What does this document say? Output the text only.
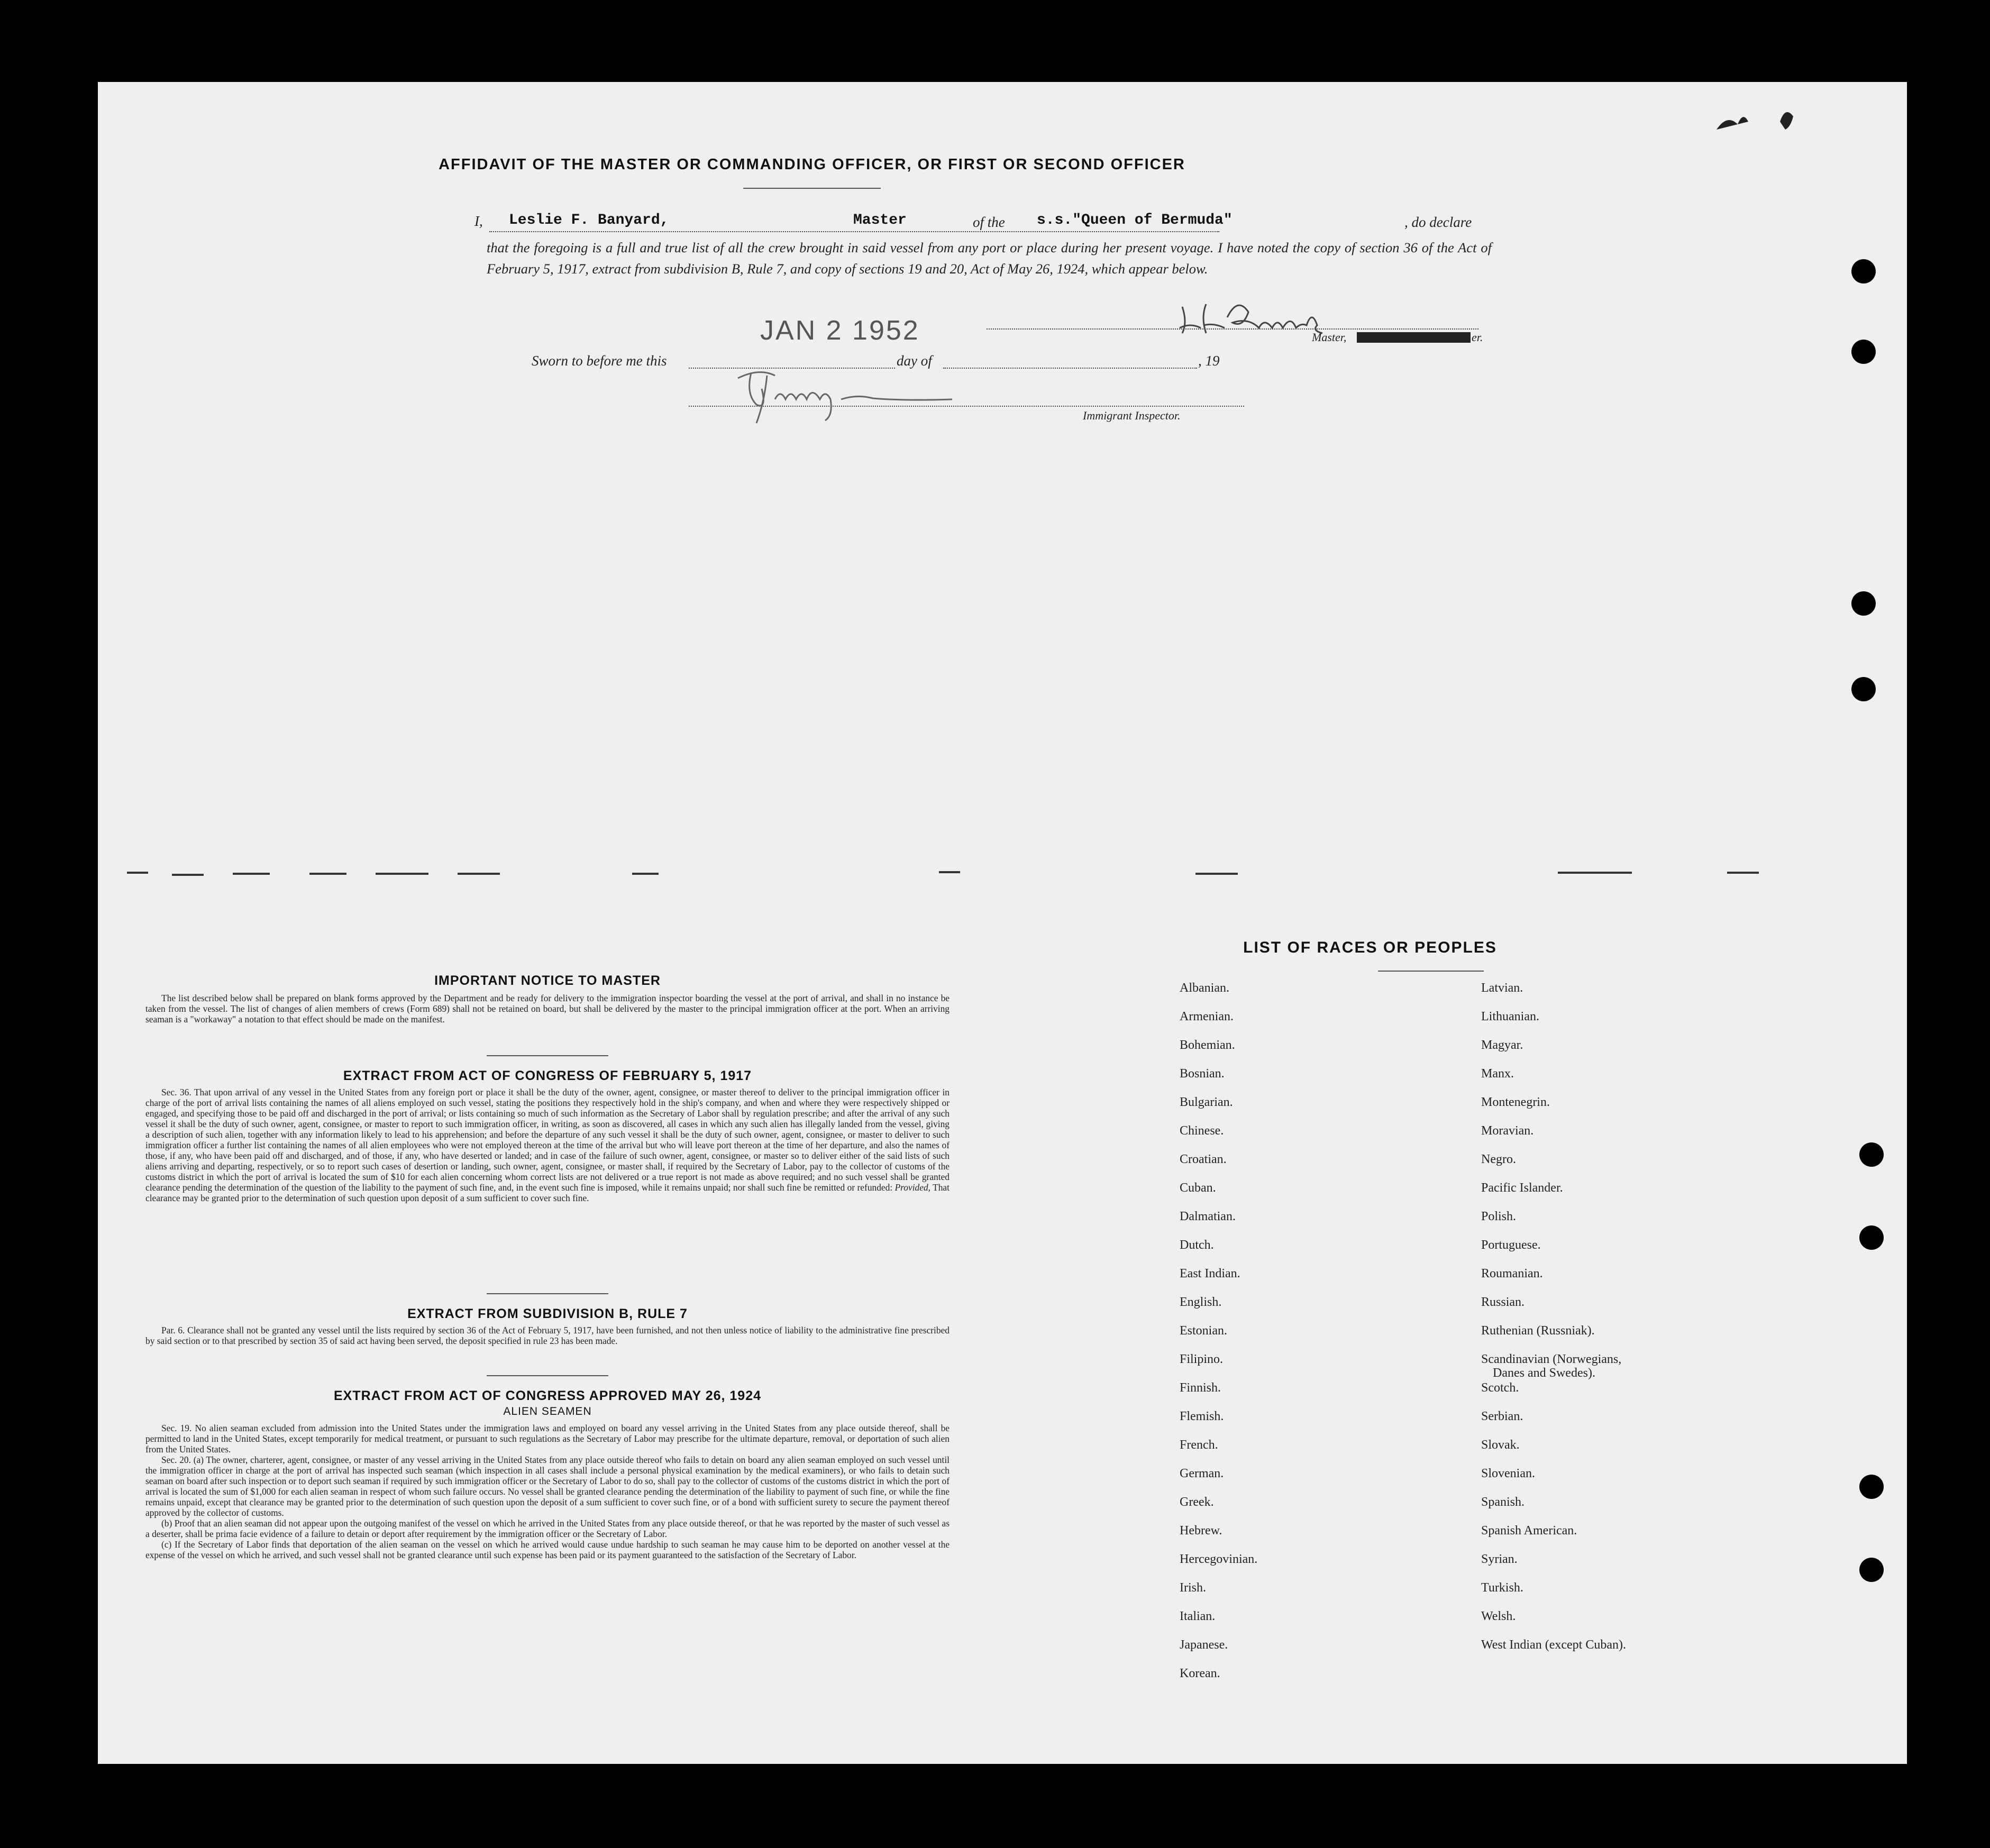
AFFIDAVIT OF THE MASTER OR COMMANDING OFFICER, OR FIRST OR SECOND OFFICER
I, Leslie F. Banyard,	Master	of the s.s."Queen of Bermuda"	, do declare
that the foregoing is a full and true list of all the crew brought in said vessel from any port or place during her present voyage. I have noted the copy of section 36 of the Act of February 5, 1917, extract from subdivision B, Rule 7, and copy of sections 19 and 20, Act of May 26, 1924, which appear below.
JAN 2 1952	Master,	er.
Sworn to before me this	day of	, 19
Immigrant Inspector.
IMPORTANT NOTICE TO MASTER
The list described below shall be prepared on blank forms approved by the Department and be ready for delivery to the immigration inspector boarding the vessel at the port of arrival, and shall in no instance be taken from the vessel. The list of changes of alien members of crews (Form 689) shall not be retained on board, but shall be delivered by the master to the principal immigration officer at the port. When an arriving seaman is a "workaway" a notation to that effect should be made on the manifest.
EXTRACT FROM ACT OF CONGRESS OF FEBRUARY 5, 1917
Sec. 36. That upon arrival of any vessel in the United States from any foreign port or place it shall be the duty of the owner, agent, consignee, or master thereof to deliver to the principal immigration officer in charge of the port of arrival lists containing the names of all aliens employed on such vessel, stating the positions they respectively hold in the ship's company, and when and where they were respectively shipped or engaged, and specifying those to be paid off and discharged in the port of arrival; or lists containing so much of such information as the Secretary of Labor shall by regulation prescribe; and after the arrival of any such vessel it shall be the duty of such owner, agent, consignee, or master to report to such immigration officer, in writing, as soon as discovered, all cases in which any such alien has illegally landed from the vessel, giving a description of such alien, together with any information likely to lead to his apprehension; and before the departure of any such vessel it shall be the duty of such owner, agent, consignee, or master to deliver to such immigration officer a further list containing the names of all alien employees who were not employed thereon at the time of the arrival but who will leave port thereon at the time of her departure, and also the names of those, if any, who have been paid off and discharged, and of those, if any, who have deserted or landed; and in case of the failure of such owner, agent, consignee, or master so to deliver either of the said lists of such aliens arriving and departing, respectively, or so to report such cases of desertion or landing, such owner, agent, consignee, or master shall, if required by the Secretary of Labor, pay to the collector of customs of the customs district in which the port of arrival is located the sum of $10 for each alien concerning whom correct lists are not delivered or a true report is not made as above required; and no such vessel shall be granted clearance pending the determination of the question of the liability to the payment of such fine, and, in the event such fine is imposed, while it remains unpaid; nor shall such fine be remitted or refunded: Provided, That clearance may be granted prior to the determination of such question upon deposit of a sum sufficient to cover such fine.
EXTRACT FROM SUBDIVISION B, RULE 7
Par. 6. Clearance shall not be granted any vessel until the lists required by section 36 of the Act of February 5, 1917, have been furnished, and not then unless notice of liability to the administrative fine prescribed by said section or to that prescribed by section 35 of said act having been served, the deposit specified in rule 23 has been made.
EXTRACT FROM ACT OF CONGRESS APPROVED MAY 26, 1924
ALIEN SEAMEN
Sec. 19. No alien seaman excluded from admission into the United States under the immigration laws and employed on board any vessel arriving in the United States from any place outside thereof, shall be permitted to land in the United States, except temporarily for medical treatment, or pursuant to such regulations as the Secretary of Labor may prescribe for the ultimate departure, removal, or deportation of such alien from the United States.
Sec. 20. (a) The owner, charterer, agent, consignee, or master of any vessel arriving in the United States from any place outside thereof who fails to detain on board any alien seaman employed on such vessel until the immigration officer in charge at the port of arrival has inspected such seaman (which inspection in all cases shall include a personal physical examination by the medical examiners), or who fails to detain such seaman on board after such inspection or to deport such seaman if required by such immigration officer or the Secretary of Labor to do so, shall pay to the collector of customs of the customs district in which the port of arrival is located the sum of $1,000 for each alien seaman in respect of whom such failure occurs. No vessel shall be granted clearance pending the determination of the liability to payment of such fine, or while the fine remains unpaid, except that clearance may be granted prior to the determination of such question upon the deposit of a sum sufficient to cover such fine, or of a bond with sufficient surety to secure the payment thereof approved by the collector of customs.
(b) Proof that an alien seaman did not appear upon the outgoing manifest of the vessel on which he arrived in the United States from any place outside thereof, or that he was reported by the master of such vessel as a deserter, shall be prima facie evidence of a failure to detain or deport after requirement by the immigration officer or the Secretary of Labor.
(c) If the Secretary of Labor finds that deportation of the alien seaman on the vessel on which he arrived would cause undue hardship to such seaman he may cause him to be deported on another vessel at the expense of the vessel on which he arrived, and such vessel shall not be granted clearance until such expense has been paid or its payment guaranteed to the satisfaction of the Secretary of Labor.
LIST OF RACES OR PEOPLES
Albanian.
Armenian.
Bohemian.
Bosnian.
Bulgarian.
Chinese.
Croatian.
Cuban.
Dalmatian.
Dutch.
East Indian.
English.
Estonian.
Filipino.
Finnish.
Flemish.
French.
German.
Greek.
Hebrew.
Hercegovinian.
Irish.
Italian.
Japanese.
Korean.
Latvian.
Lithuanian.
Magyar.
Manx.
Montenegrin.
Moravian.
Negro.
Pacific Islander.
Polish.
Portuguese.
Roumanian.
Russian.
Ruthenian (Russniak).
Scandinavian (Norwegians,
Danes and Swedes).
Scotch.
Serbian.
Slovak.
Slovenian.
Spanish.
Spanish American.
Syrian.
Turkish.
Welsh.
West Indian (except Cuban).
